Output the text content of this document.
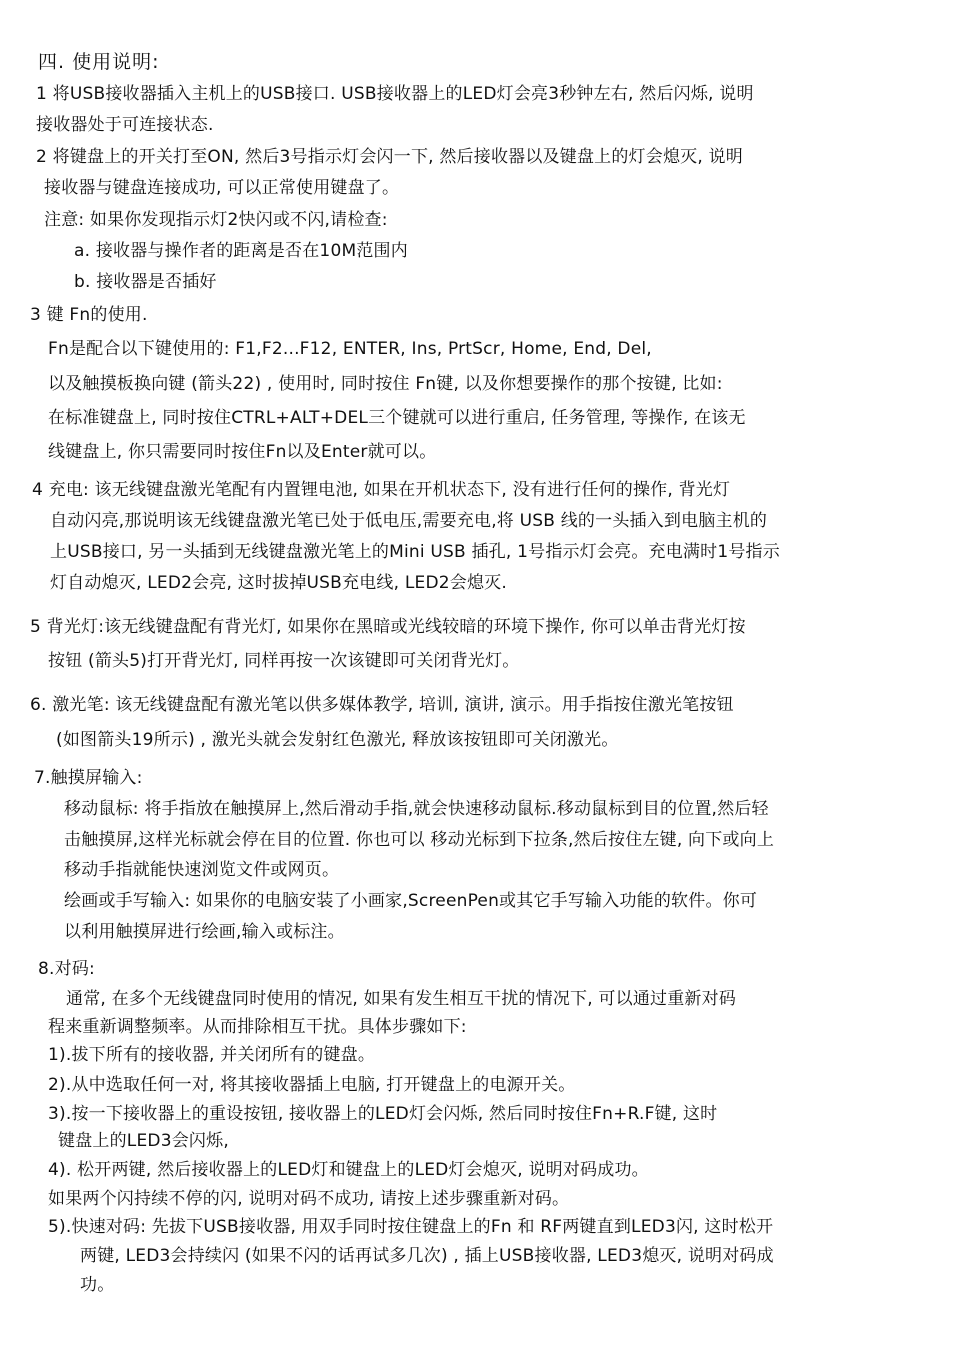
四. 使用说明:
1 将USB接收器插入主机上的USB接口. USB接收器上的LED灯会亮3秒钟左右, 然后闪烁, 说明
接收器处于可连接状态.
2 将键盘上的开关打至ON, 然后3号指示灯会闪一下, 然后接收器以及键盘上的灯会熄灭, 说明
接收器与键盘连接成功, 可以正常使用键盘了。
注意: 如果你发现指示灯2快闪或不闪,请检查:
a. 接收器与操作者的距离是否在10M范围内
b. 接收器是否插好
3 键 Fn的使用.
Fn是配合以下键使用的: F1,F2...F12, ENTER, Ins, PrtScr, Home, End, Del,
以及触摸板换向键 (箭头22) , 使用时, 同时按住 Fn键, 以及你想要操作的那个按键, 比如:
在标准键盘上, 同时按住CTRL+ALT+DEL三个键就可以进行重启, 任务管理, 等操作, 在该无
线键盘上, 你只需要同时按住Fn以及Enter就可以。
4 充电: 该无线键盘激光笔配有内置锂电池, 如果在开机状态下, 没有进行任何的操作, 背光灯
自动闪亮,那说明该无线键盘激光笔已处于低电压,需要充电,将 USB 线的一头插入到电脑主机的
上USB接口, 另一头插到无线键盘激光笔上的Mini USB 插孔, 1号指示灯会亮。充电满时1号指示
灯自动熄灭, LED2会亮, 这时拔掉USB充电线, LED2会熄灭.
5 背光灯:该无线键盘配有背光灯, 如果你在黑暗或光线较暗的环境下操作, 你可以单击背光灯按
按钮 (箭头5)打开背光灯, 同样再按一次该键即可关闭背光灯。
6. 激光笔: 该无线键盘配有激光笔以供多媒体教学, 培训, 演讲, 演示。用手指按住激光笔按钮
(如图箭头19所示) , 激光头就会发射红色激光, 释放该按钮即可关闭激光。
7.触摸屏输入:
移动鼠标: 将手指放在触摸屏上,然后滑动手指,就会快速移动鼠标.移动鼠标到目的位置,然后轻
击触摸屏,这样光标就会停在目的位置. 你也可以 移动光标到下拉条,然后按住左键, 向下或向上
移动手指就能快速浏览文件或网页。
绘画或手写输入: 如果你的电脑安装了小画家,ScreenPen或其它手写输入功能的软件。你可
以利用触摸屏进行绘画,输入或标注。
8.对码:
通常, 在多个无线键盘同时使用的情况, 如果有发生相互干扰的情况下, 可以通过重新对码
程来重新调整频率。从而排除相互干扰。具体步骤如下:
1).拔下所有的接收器, 并关闭所有的键盘。
2).从中选取任何一对, 将其接收器插上电脑, 打开键盘上的电源开关。
3).按一下接收器上的重设按钮, 接收器上的LED灯会闪烁, 然后同时按住Fn+R.F键, 这时
键盘上的LED3会闪烁,
4). 松开两键, 然后接收器上的LED灯和键盘上的LED灯会熄灭, 说明对码成功。
如果两个闪持续不停的闪, 说明对码不成功, 请按上述步骤重新对码。
5).快速对码: 先拔下USB接收器, 用双手同时按住键盘上的Fn 和 RF两键直到LED3闪, 这时松开
两键, LED3会持续闪 (如果不闪的话再试多几次) , 插上USB接收器, LED3熄灭, 说明对码成
功。
